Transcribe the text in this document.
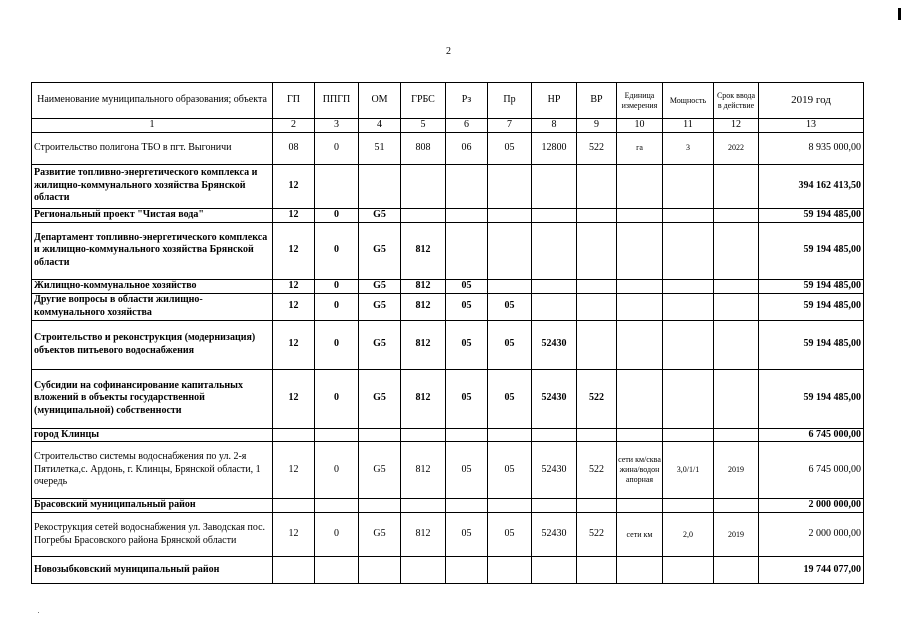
2
Наименование муниципального образования; объекта	ГП	ППГП	ОМ	ГРБС	Рз	Пр	НР	ВР	Единица измерения	Мощность	Срок ввода в действие	2019 год
1	2	3	4	5	6	7	8	9	10	11	12	13
Строительство полигона ТБО в пгт. Выгоничи	08	0	51	808	06	05	12800	522	га	3	2022	8 935 000,00
Развитие топливно-энергетического комплекса и жилищно-коммунального хозяйства Брянской области	12											394 162 413,50
Региональный проект "Чистая вода"	12	0	G5									59 194 485,00
Департамент топливно-энергетического комплекса и жилищно-коммунального хозяйства Брянской области	12	0	G5	812								59 194 485,00
Жилищно-коммунальное хозяйство	12	0	G5	812	05							59 194 485,00
Другие вопросы в области жилищно-коммунального хозяйства	12	0	G5	812	05	05						59 194 485,00
Строительство и реконструкция (модернизация) объектов питьевого водоснабжения	12	0	G5	812	05	05	52430					59 194 485,00
Субсидии на софинансирование капитальных вложений в объекты государственной (муниципальной) собственности	12	0	G5	812	05	05	52430	522				59 194 485,00
город Клинцы												6 745 000,00
Строительство системы водоснабжения по ул. 2-я Пятилетка,с. Ардонь, г. Клинцы, Брянской области, 1 очередь	12	0	G5	812	05	05	52430	522	сети км/скважина/водонапорная	3,0/1/1	2019	6 745 000,00
Брасовский муниципальный район												2 000 000,00
Рекострукция сетей водоснабжения ул. Заводская пос. Погребы Брасовского района Брянской области	12	0	G5	812	05	05	52430	522	сети км	2,0	2019	2 000 000,00
Новозыбковский муниципальный район												19 744 077,00
